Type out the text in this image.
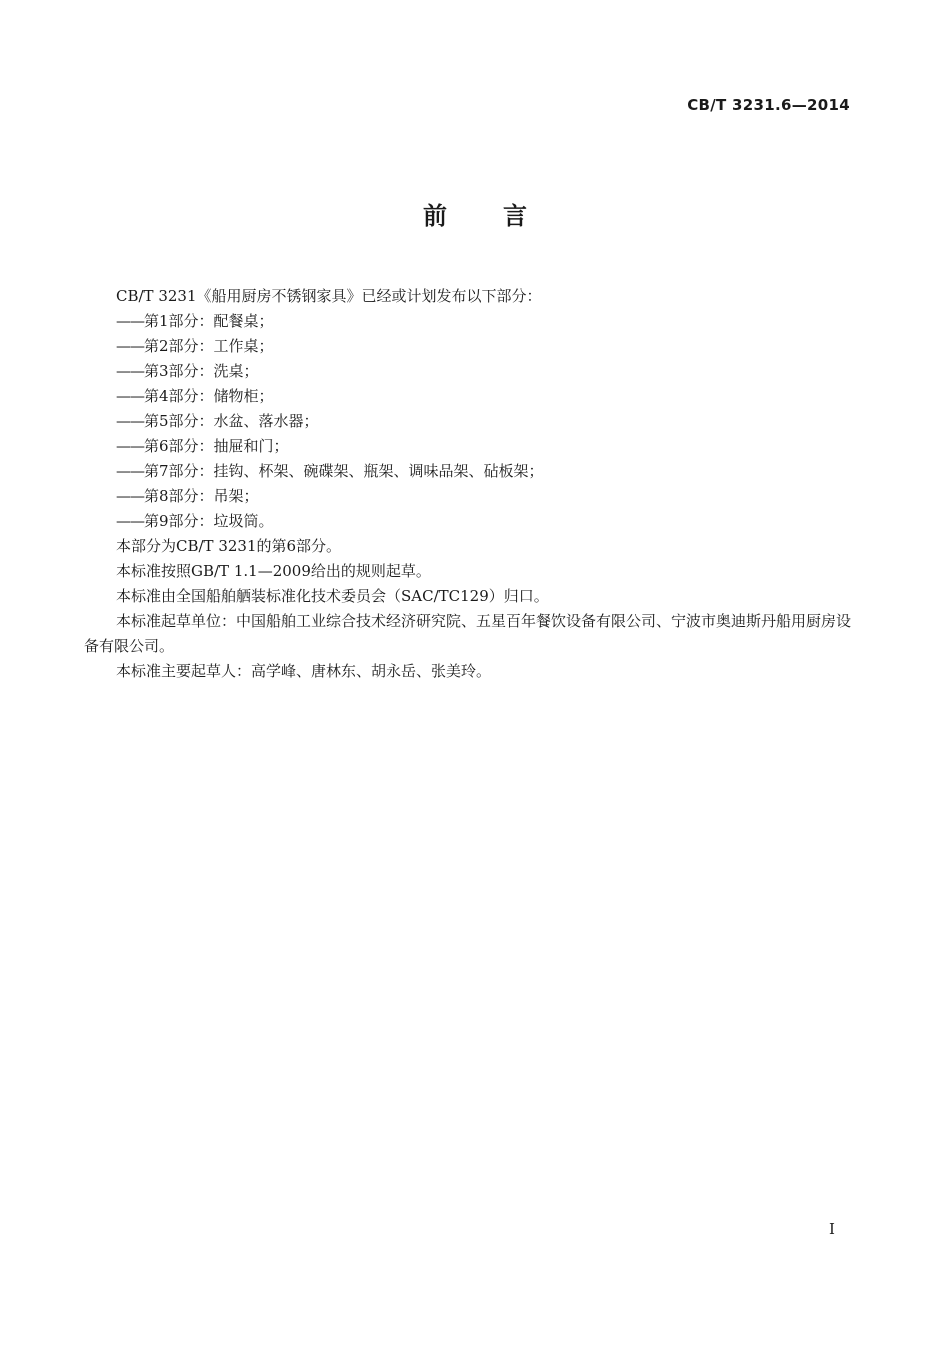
CB/T 3231.6—2014
前 言

CB/T 3231《船用厨房不锈钢家具》已经或计划发布以下部分：

——第1部分：配餐桌；

——第2部分：工作桌；

——第3部分：洗桌；

——第4部分：储物柜；

——第5部分：水盆、落水器；

——第6部分：抽屉和门；

——第7部分：挂钩、杯架、碗碟架、瓶架、调味品架、砧板架；

——第8部分：吊架；

——第9部分：垃圾筒。

本部分为CB/T 3231的第6部分。

本标准按照GB/T 1.1—2009给出的规则起草。

本标准由全国船舶舾装标准化技术委员会（SAC/TC129）归口。

本标准起草单位：中国船舶工业综合技术经济研究院、五星百年餐饮设备有限公司、宁波市奥迪斯丹船用厨房设备有限公司。

本标准主要起草人：高学峰、唐林东、胡永岳、张美玲。

I
